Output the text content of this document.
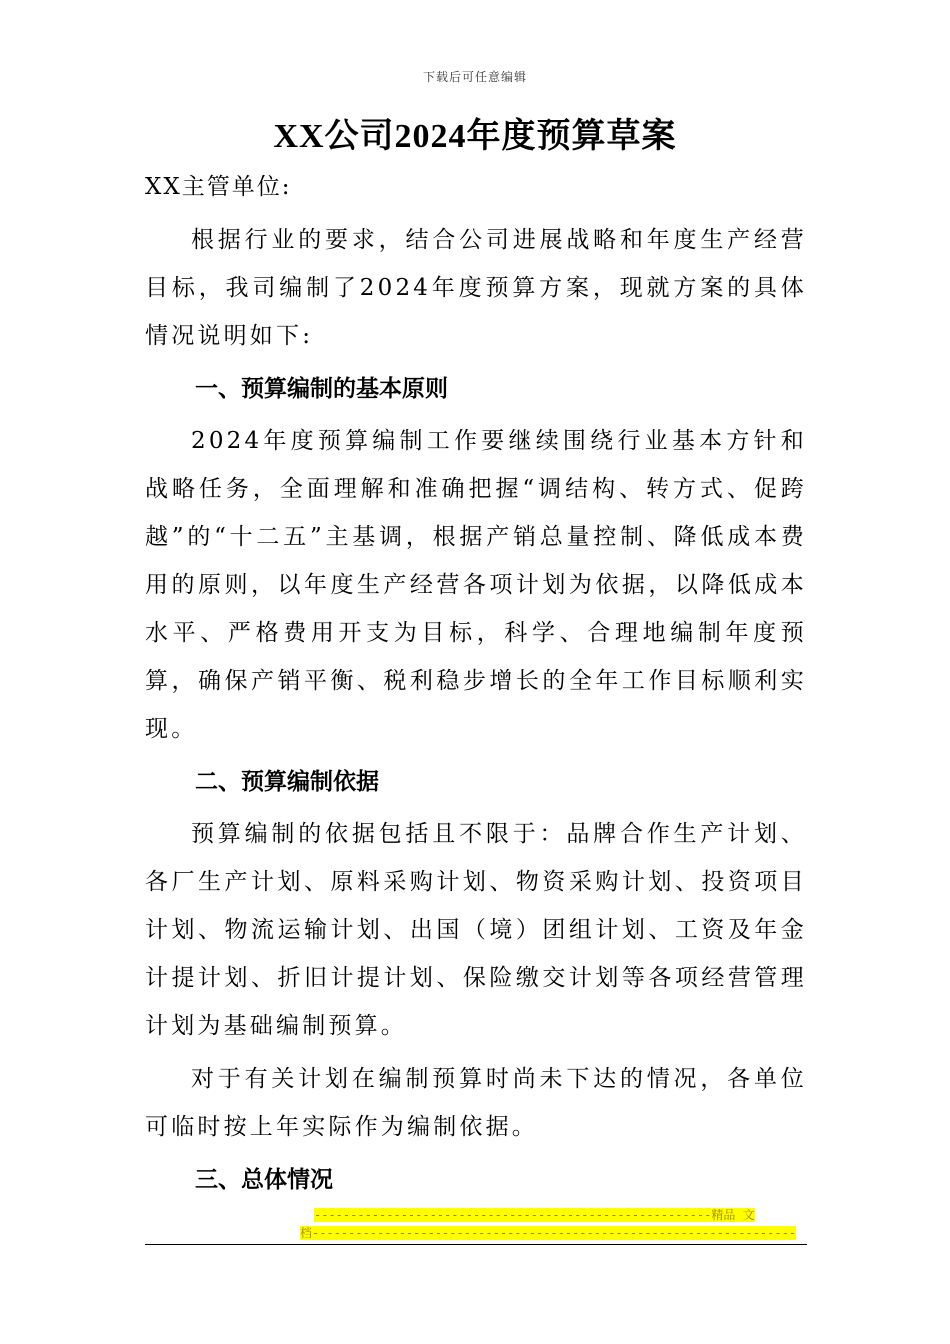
下载后可任意编辑
XX公司2024年度预算草案

XX主管单位:

根据行业的要求，结合公司进展战略和年度生产经营目标，我司编制了2024年度预算方案，现就方案的具体情况说明如下:

一、预算编制的基本原则

2024年度预算编制工作要继续围绕行业基本方针和战略任务，全面理解和准确把握“调结构、转方式、促跨越”的“十二五”主基调，根据产销总量控制、降低成本费用的原则，以年度生产经营各项计划为依据，以降低成本水平、严格费用开支为目标，科学、合理地编制年度预算，确保产销平衡、税利稳步增长的全年工作目标顺利实现。

二、预算编制依据

预算编制的依据包括且不限于：品牌合作生产计划、各厂生产计划、原料采购计划、物资采购计划、投资项目计划、物流运输计划、出国（境）团组计划、工资及年金计提计划、折旧计提计划、保险缴交计划等各项经营管理计划为基础编制预算。

对于有关计划在编制预算时尚未下达的情况，各单位可临时按上年实际作为编制依据。

三、总体情况
-------------------------------------------------------精品 文
档-------------------------------------------------------------------
